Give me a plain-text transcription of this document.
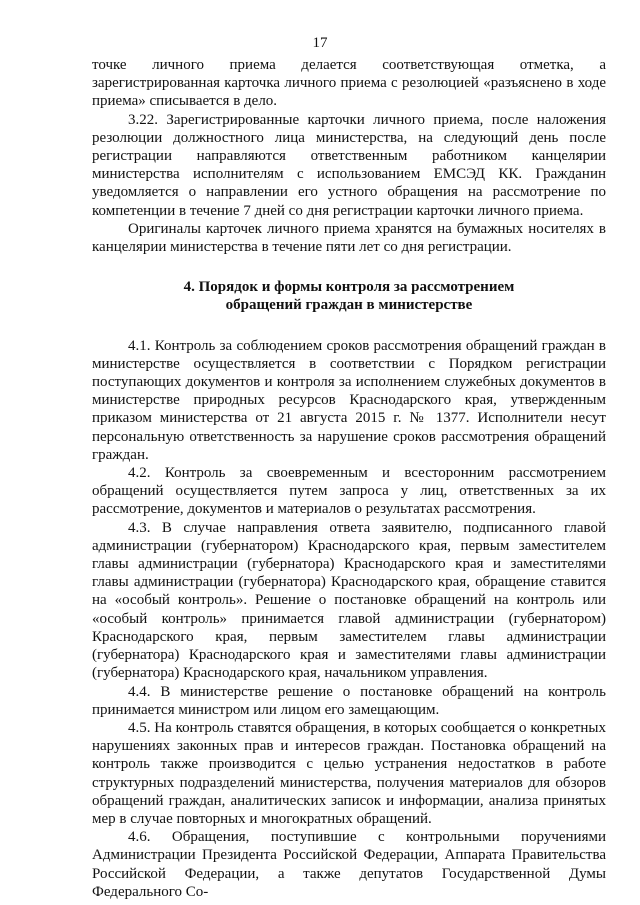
17

точке личного приема делается соответствующая отметка, а зарегистрированная карточка личного приема с резолюцией «разъяснено в ходе приема» списывается в дело.

3.22. Зарегистрированные карточки личного приема, после наложения резолюции должностного лица министерства, на следующий день после регистрации направляются ответственным работником канцелярии министерства исполнителям с использованием ЕМСЭД КК. Гражданин уведомляется о направлении его устного обращения на рассмотрение по компетенции в течение 7 дней со дня регистрации карточки личного приема.

Оригиналы карточек личного приема хранятся на бумажных носителях в канцелярии министерства в течение пяти лет со дня регистрации.

4. Порядок и формы контроля за рассмотрением
обращений граждан в министерстве

4.1. Контроль за соблюдением сроков рассмотрения обращений граждан в министерстве осуществляется в соответствии с Порядком регистрации поступающих документов и контроля за исполнением служебных документов в министерстве природных ресурсов Краснодарского края, утвержденным приказом министерства от 21 августа 2015 г. № 1377. Исполнители несут персональную ответственность за нарушение сроков рассмотрения обращений граждан.

4.2. Контроль за своевременным и всесторонним рассмотрением обращений осуществляется путем запроса у лиц, ответственных за их рассмотрение, документов и материалов о результатах рассмотрения.

4.3. В случае направления ответа заявителю, подписанного главой администрации (губернатором) Краснодарского края, первым заместителем главы администрации (губернатора) Краснодарского края и заместителями главы администрации (губернатора) Краснодарского края, обращение ставится на «особый контроль». Решение о постановке обращений на контроль или «особый контроль» принимается главой администрации (губернатором) Краснодарского края, первым заместителем главы администрации (губернатора) Краснодарского края и заместителями главы администрации (губернатора) Краснодарского края, начальником управления.

4.4. В министерстве решение о постановке обращений на контроль принимается министром или лицом его замещающим.

4.5. На контроль ставятся обращения, в которых сообщается о конкретных нарушениях законных прав и интересов граждан. Постановка обращений на контроль также производится с целью устранения недостатков в работе структурных подразделений министерства, получения материалов для обзоров обращений граждан, аналитических записок и информации, анализа принятых мер в случае повторных и многократных обращений.

4.6. Обращения, поступившие с контрольными поручениями Администрации Президента Российской Федерации, Аппарата Правительства Российской Федерации, а также депутатов Государственной Думы Федерального Со-
